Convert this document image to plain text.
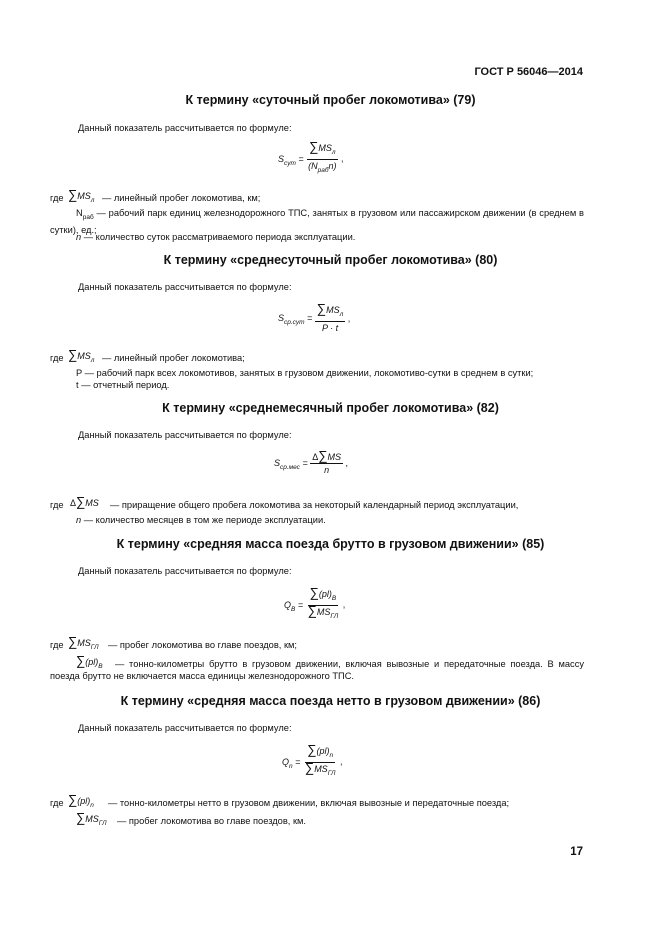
ГОСТ Р 56046—2014
К термину «суточный пробег локомотива» (79)
Данный показатель рассчитывается по формуле:
$S_{сут} = \frac{\sum MS_л}{(N_{раб}n)}$ ,
где $\sum MS_л$ — линейный пробег локомотива, км;
$N_{раб}$ — рабочий парк единиц железнодорожного ТПС, занятых в грузовом или пассажирском движении (в среднем в сутки), ед.;
n — количество суток рассматриваемого периода эксплуатации.
К термину «среднесуточный пробег локомотива» (80)
Данный показатель рассчитывается по формуле:
$S_{ср.сут} = \frac{\sum MS_л}{P \cdot t}$ ,
где $\sum MS_л$ — линейный пробег локомотива;
P — рабочий парк всех локомотивов, занятых в грузовом движении, локомотиво-сутки в среднем в сутки;
t — отчетный период.
К термину «среднемесячный пробег локомотива» (82)
Данный показатель рассчитывается по формуле:
$S_{ср.мес} = \frac{\Delta\sum MS}{n}$ ,
где Δ∑MS — приращение общего пробега локомотива за некоторый календарный период эксплуатации,
n — количество месяцев в том же периоде эксплуатации.
К термину «средняя масса поезда брутто в грузовом движении» (85)
Данный показатель рассчитывается по формуле:
$Q_В = \frac{\sum(pl)_В}{\sum MS_{ГЛ}}$ ,
где $\sum MS_{ГЛ}$ — пробег локомотива во главе поездов, км;
$\sum(pl)_В$	— тонно-километры брутто в грузовом движении, включая вывозные и передаточные поезда. В массу поезда брутто не включается масса единицы железнодорожного ТПС.
К термину «средняя масса поезда нетто в грузовом движении» (86)
Данный показатель рассчитывается по формуле:
$Q_n = \frac{\sum(pl)_n}{\sum MS_{ГЛ}}$ ,
где $\sum(pl)_n$ — тонно-километры нетто в грузовом движении, включая вывозные и передаточные поезда;
$\sum MS_{ГЛ}$ — пробег локомотива во главе поездов, км.
17
